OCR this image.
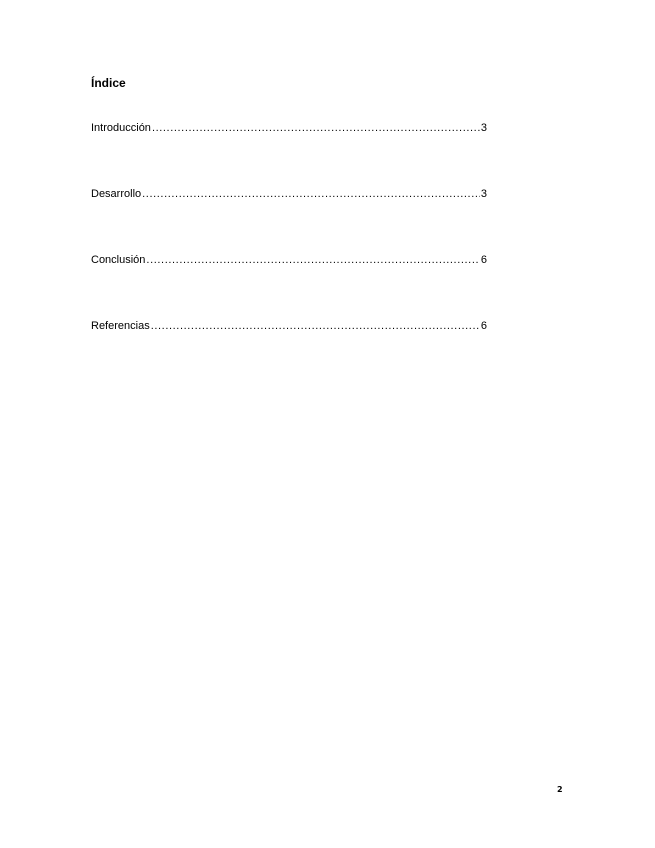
Índice
Introducción .....	3
Desarrollo .....	3
Conclusión .....	6
Referencias .....	6
2
